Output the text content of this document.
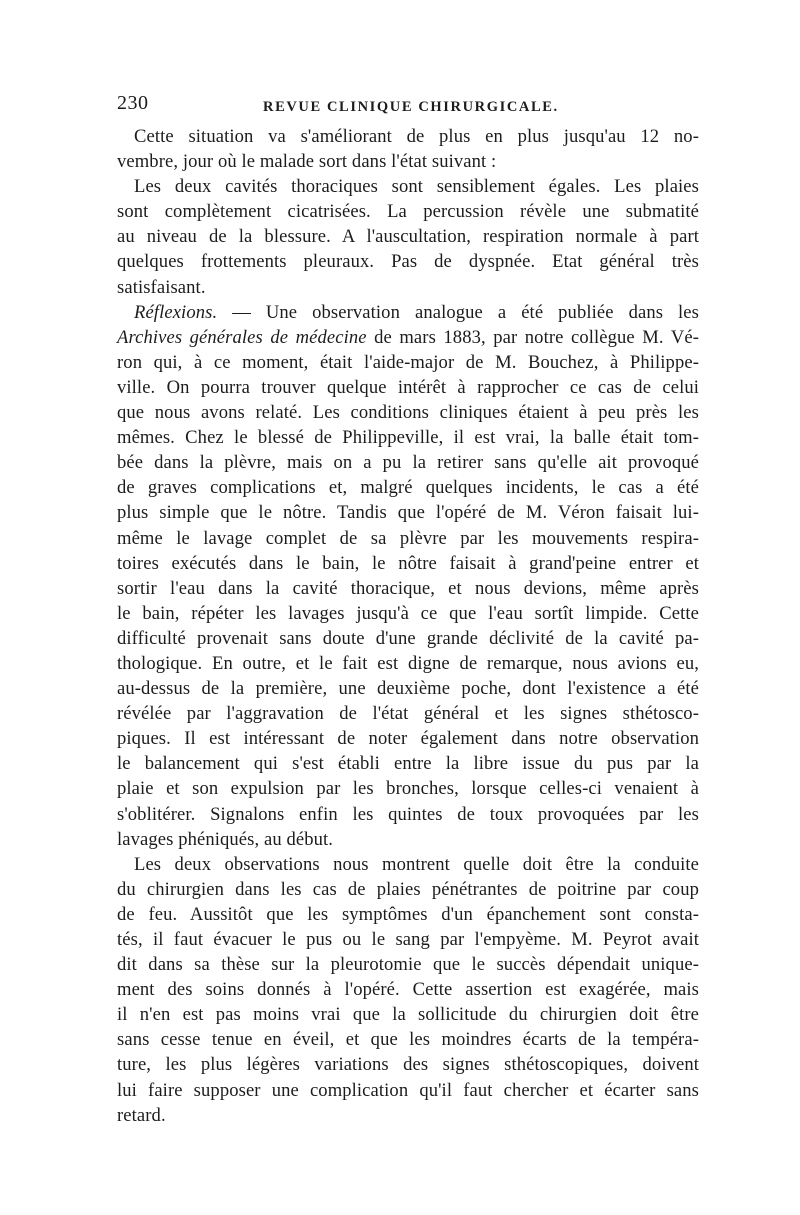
230	REVUE CLINIQUE CHIRURGICALE.
Cette situation va s'améliorant de plus en plus jusqu'au 12 no-
vembre, jour où le malade sort dans l'état suivant :
Les deux cavités thoraciques sont sensiblement égales. Les plaies
sont complètement cicatrisées. La percussion révèle une submatité
au niveau de la blessure. A l'auscultation, respiration normale à part
quelques frottements pleuraux. Pas de dyspnée. Etat général très
satisfaisant.
Réflexions. — Une observation analogue a été publiée dans les
Archives générales de médecine de mars 1883, par notre collègue M. Vé-
ron qui, à ce moment, était l'aide-major de M. Bouchez, à Philippe-
ville. On pourra trouver quelque intérêt à rapprocher ce cas de celui
que nous avons relaté. Les conditions cliniques étaient à peu près les
mêmes. Chez le blessé de Philippeville, il est vrai, la balle était tom-
bée dans la plèvre, mais on a pu la retirer sans qu'elle ait provoqué
de graves complications et, malgré quelques incidents, le cas a été
plus simple que le nôtre. Tandis que l'opéré de M. Véron faisait lui-
même le lavage complet de sa plèvre par les mouvements respira-
toires exécutés dans le bain, le nôtre faisait à grand'peine entrer et
sortir l'eau dans la cavité thoracique, et nous devions, même après
le bain, répéter les lavages jusqu'à ce que l'eau sortît limpide. Cette
difficulté provenait sans doute d'une grande déclivité de la cavité pa-
thologique. En outre, et le fait est digne de remarque, nous avions eu,
au-dessus de la première, une deuxième poche, dont l'existence a été
révélée par l'aggravation de l'état général et les signes sthétosco-
piques. Il est intéressant de noter également dans notre observation
le balancement qui s'est établi entre la libre issue du pus par la
plaie et son expulsion par les bronches, lorsque celles-ci venaient à
s'oblitérer. Signalons enfin les quintes de toux provoquées par les
lavages phéniqués, au début.
Les deux observations nous montrent quelle doit être la conduite
du chirurgien dans les cas de plaies pénétrantes de poitrine par coup
de feu. Aussitôt que les symptômes d'un épanchement sont consta-
tés, il faut évacuer le pus ou le sang par l'empyème. M. Peyrot avait
dit dans sa thèse sur la pleurotomie que le succès dépendait unique-
ment des soins donnés à l'opéré. Cette assertion est exagérée, mais
il n'en est pas moins vrai que la sollicitude du chirurgien doit être
sans cesse tenue en éveil, et que les moindres écarts de la tempéra-
ture, les plus légères variations des signes sthétoscopiques, doivent
lui faire supposer une complication qu'il faut chercher et écarter sans
retard.
